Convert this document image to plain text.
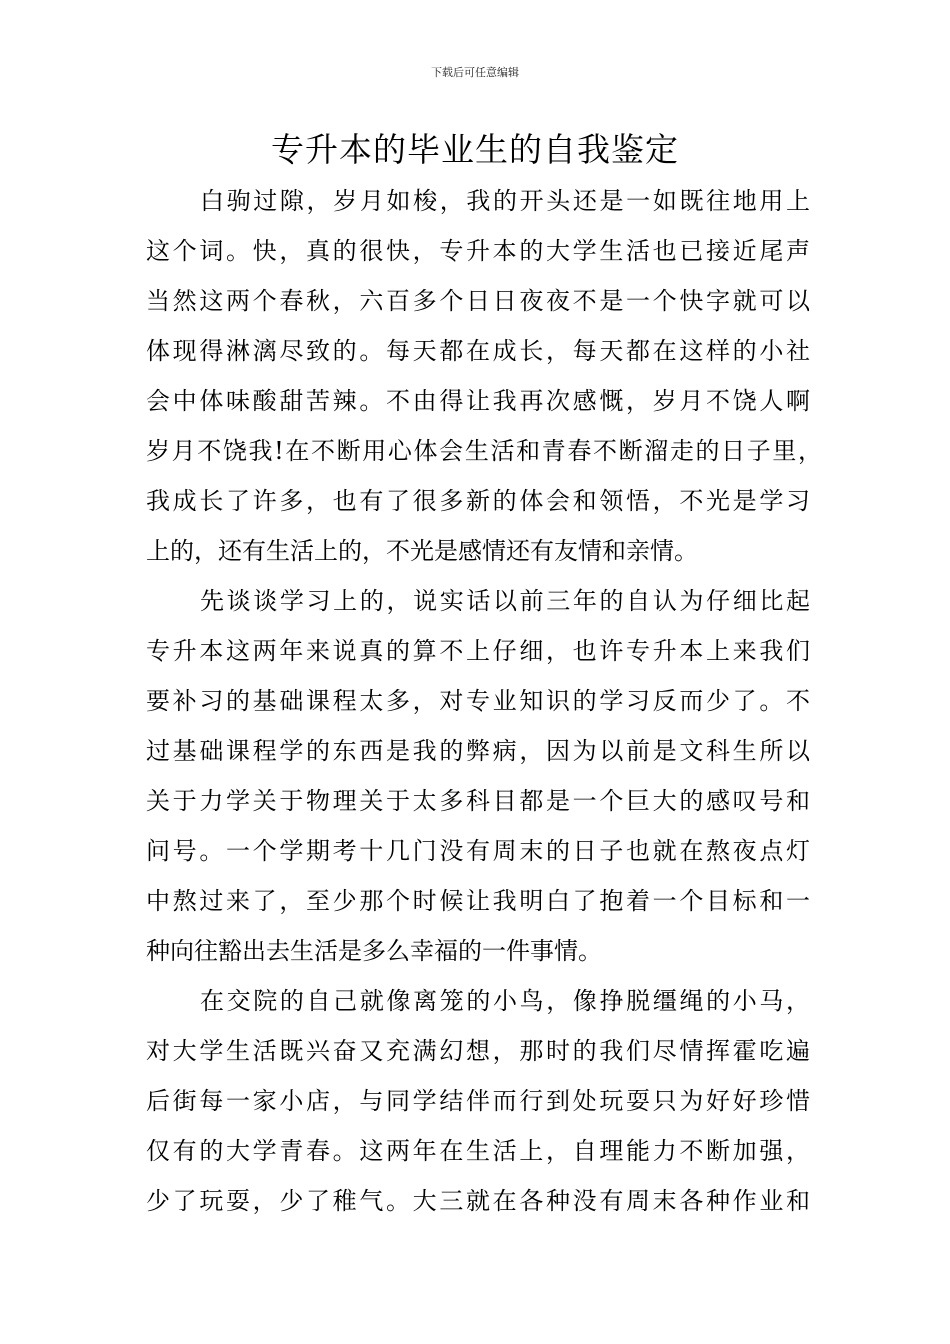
下载后可任意编辑
专升本的毕业生的自我鉴定
白驹过隙，岁月如梭，我的开头还是一如既往地用上
这个词。快，真的很快，专升本的大学生活也已接近尾声
当然这两个春秋，六百多个日日夜夜不是一个快字就可以
体现得淋漓尽致的。每天都在成长，每天都在这样的小社
会中体味酸甜苦辣。不由得让我再次感慨，岁月不饶人啊
岁月不饶我!在不断用心体会生活和青春不断溜走的日子里，
我成长了许多，也有了很多新的体会和领悟，不光是学习
上的，还有生活上的，不光是感情还有友情和亲情。
先谈谈学习上的，说实话以前三年的自认为仔细比起
专升本这两年来说真的算不上仔细，也许专升本上来我们
要补习的基础课程太多，对专业知识的学习反而少了。不
过基础课程学的东西是我的弊病，因为以前是文科生所以
关于力学关于物理关于太多科目都是一个巨大的感叹号和
问号。一个学期考十几门没有周末的日子也就在熬夜点灯
中熬过来了，至少那个时候让我明白了抱着一个目标和一
种向往豁出去生活是多么幸福的一件事情。
在交院的自己就像离笼的小鸟，像挣脱缰绳的小马，
对大学生活既兴奋又充满幻想，那时的我们尽情挥霍吃遍
后街每一家小店，与同学结伴而行到处玩耍只为好好珍惜
仅有的大学青春。这两年在生活上，自理能力不断加强，
少了玩耍，少了稚气。大三就在各种没有周末各种作业和
